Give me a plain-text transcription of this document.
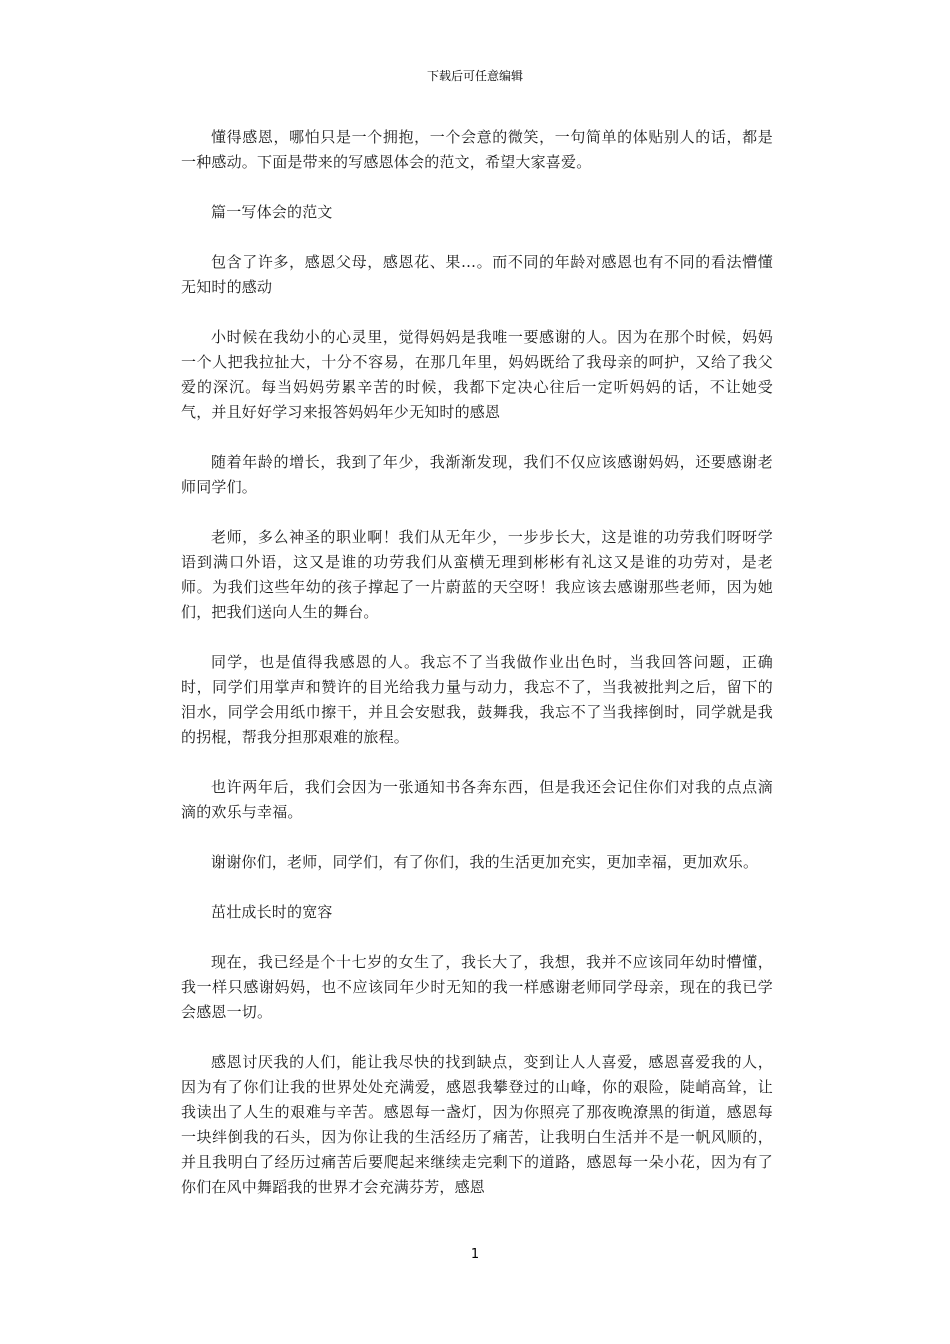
下载后可任意编辑

懂得感恩，哪怕只是一个拥抱，一个会意的微笑，一句简单的体贴别人的话，都是一种感动。下面是带来的写感恩体会的范文，希望大家喜爱。

篇一写体会的范文

包含了许多，感恩父母，感恩花、果…。而不同的年龄对感恩也有不同的看法懵懂无知时的感动

小时候在我幼小的心灵里，觉得妈妈是我唯一要感谢的人。因为在那个时候，妈妈一个人把我拉扯大，十分不容易，在那几年里，妈妈既给了我母亲的呵护，又给了我父爱的深沉。每当妈妈劳累辛苦的时候，我都下定决心往后一定听妈妈的话，不让她受气，并且好好学习来报答妈妈年少无知时的感恩

随着年龄的增长，我到了年少，我渐渐发现，我们不仅应该感谢妈妈，还要感谢老师同学们。

老师，多么神圣的职业啊！我们从无年少，一步步长大，这是谁的功劳我们呀呀学语到满口外语，这又是谁的功劳我们从蛮横无理到彬彬有礼这又是谁的功劳对，是老师。为我们这些年幼的孩子撑起了一片蔚蓝的天空呀！我应该去感谢那些老师，因为她们，把我们送向人生的舞台。

同学，也是值得我感恩的人。我忘不了当我做作业出色时，当我回答问题，正确时，同学们用掌声和赞许的目光给我力量与动力，我忘不了，当我被批判之后，留下的泪水，同学会用纸巾擦干，并且会安慰我，鼓舞我，我忘不了当我摔倒时，同学就是我的拐棍，帮我分担那艰难的旅程。

也许两年后，我们会因为一张通知书各奔东西，但是我还会记住你们对我的点点滴滴的欢乐与幸福。

谢谢你们，老师，同学们，有了你们，我的生活更加充实，更加幸福，更加欢乐。

茁壮成长时的宽容

现在，我已经是个十七岁的女生了，我长大了，我想，我并不应该同年幼时懵懂，我一样只感谢妈妈，也不应该同年少时无知的我一样感谢老师同学母亲，现在的我已学会感恩一切。

感恩讨厌我的人们，能让我尽快的找到缺点，变到让人人喜爱，感恩喜爱我的人，因为有了你们让我的世界处处充满爱，感恩我攀登过的山峰，你的艰险，陡峭高耸，让我读出了人生的艰难与辛苦。感恩每一盏灯，因为你照亮了那夜晚潦黑的街道，感恩每一块绊倒我的石头，因为你让我的生活经历了痛苦，让我明白生活并不是一帆风顺的，并且我明白了经历过痛苦后要爬起来继续走完剩下的道路，感恩每一朵小花，因为有了你们在风中舞蹈我的世界才会充满芬芳，感恩

1
